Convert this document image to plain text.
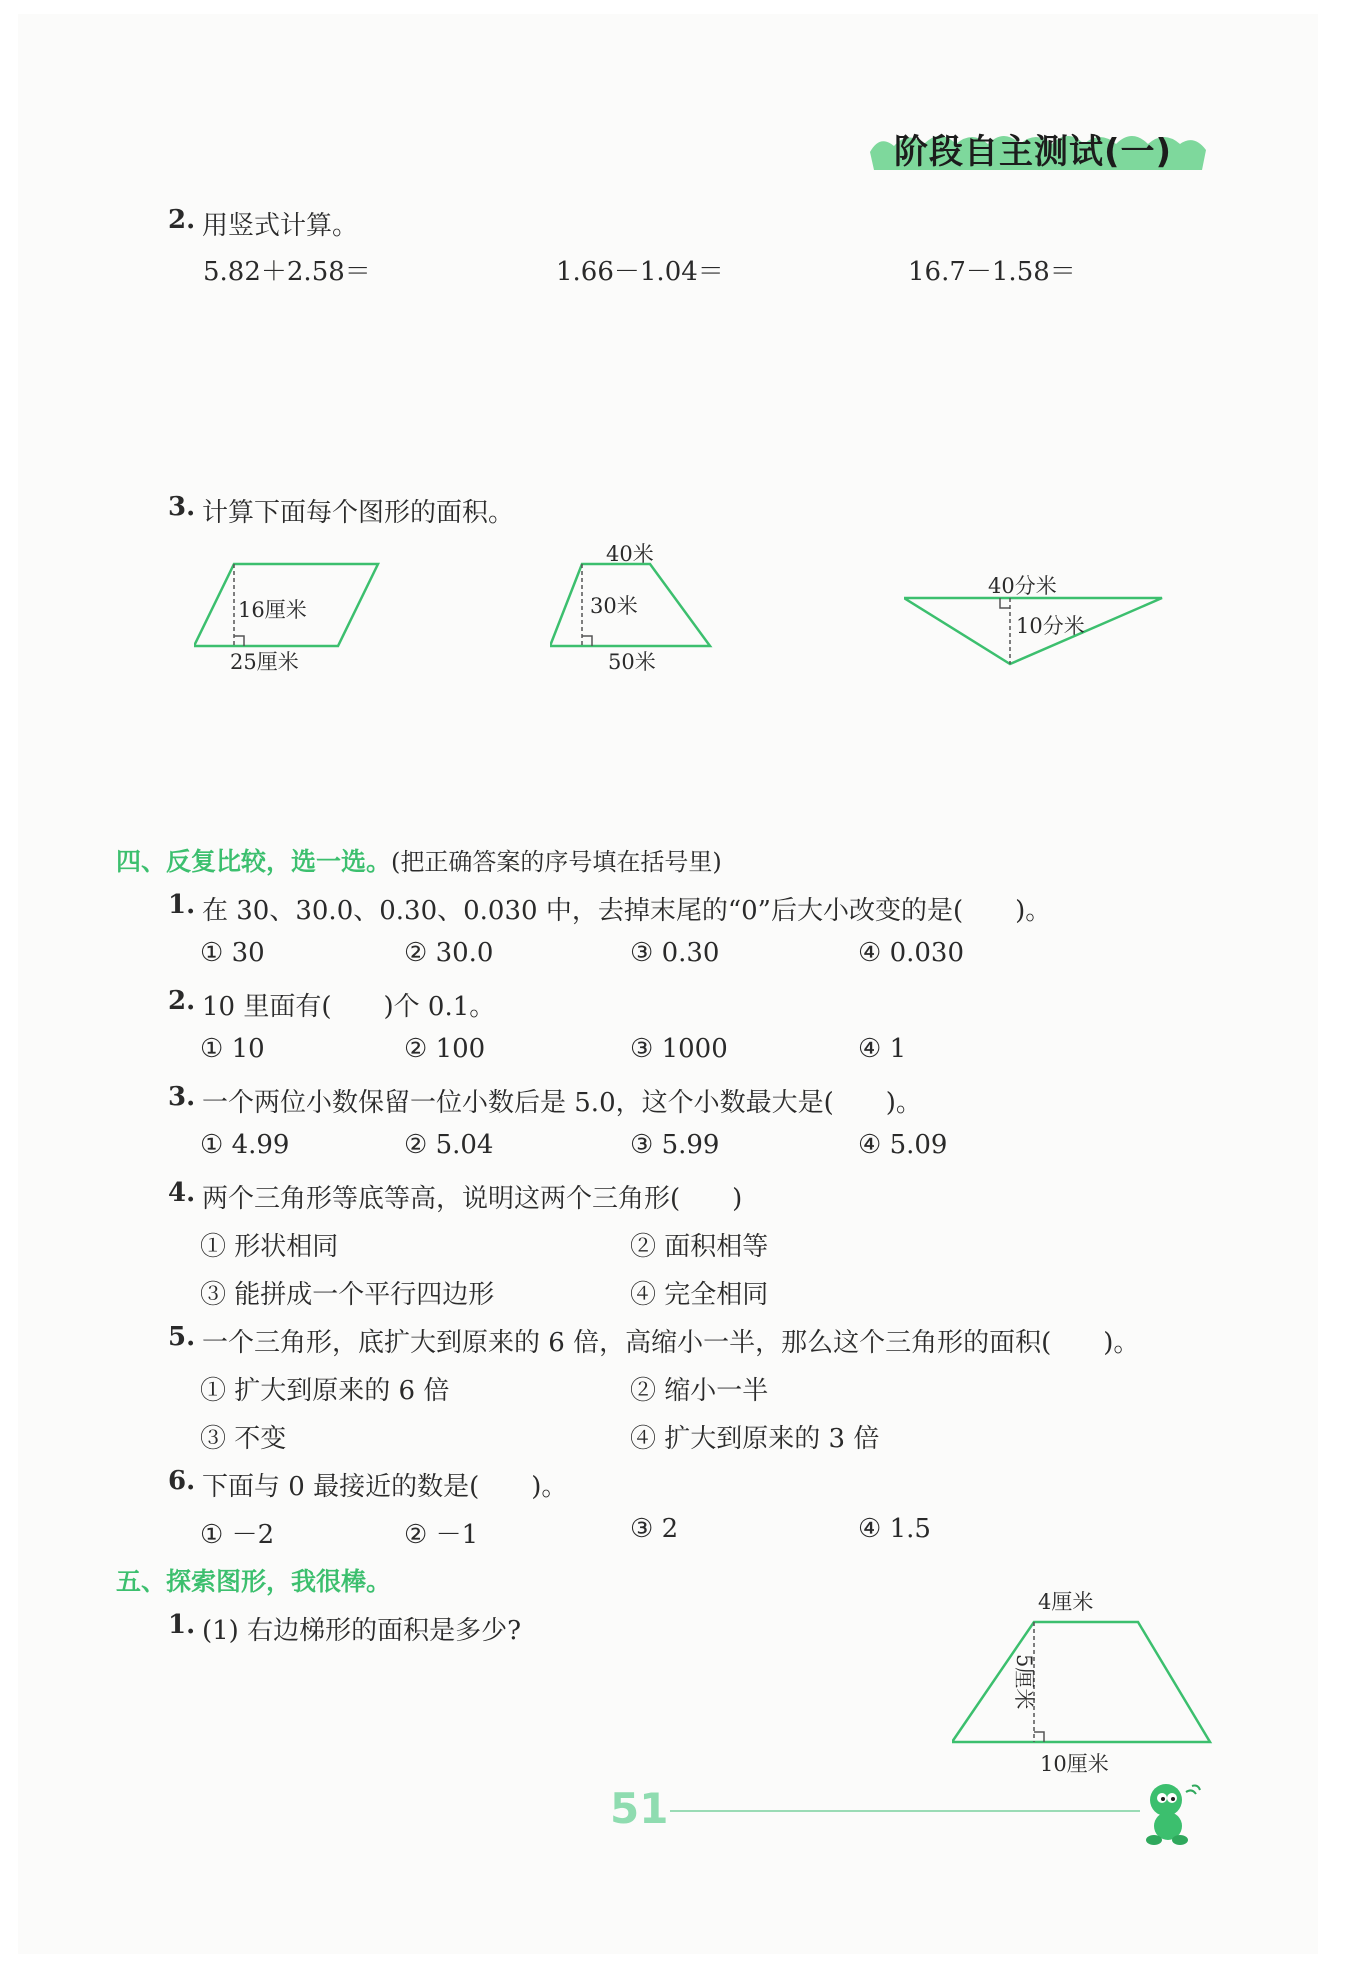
阶段自主测试(一)
2. 用竖式计算。
5.82＋2.58＝	1.66－1.04＝	16.7－1.58＝
3. 计算下面每个图形的面积。
16厘米
25厘米
40米
30米
50米
40分米
10分米
四、反复比较，选一选。(把正确答案的序号填在括号里)
1. 在 30、30.0、0.30、0.030 中，去掉末尾的“0”后大小改变的是(　　)。
① 30	② 30.0	③ 0.30	④ 0.030
2. 10 里面有(　　)个 0.1。
① 10	② 100	③ 1000	④ 1
3. 一个两位小数保留一位小数后是 5.0，这个小数最大是(　　)。
① 4.99	② 5.04	③ 5.99	④ 5.09
4. 两个三角形等底等高，说明这两个三角形(　　)
① 形状相同	② 面积相等
③ 能拼成一个平行四边形	④ 完全相同
5. 一个三角形，底扩大到原来的 6 倍，高缩小一半，那么这个三角形的面积(　　)。
① 扩大到原来的 6 倍	② 缩小一半
③ 不变	④ 扩大到原来的 3 倍
6. 下面与 0 最接近的数是(　　)。
① －2	② －1	③ 2	④ 1.5
五、探索图形，我很棒。
1. (1) 右边梯形的面积是多少?
4厘米
5厘米
10厘米
51
